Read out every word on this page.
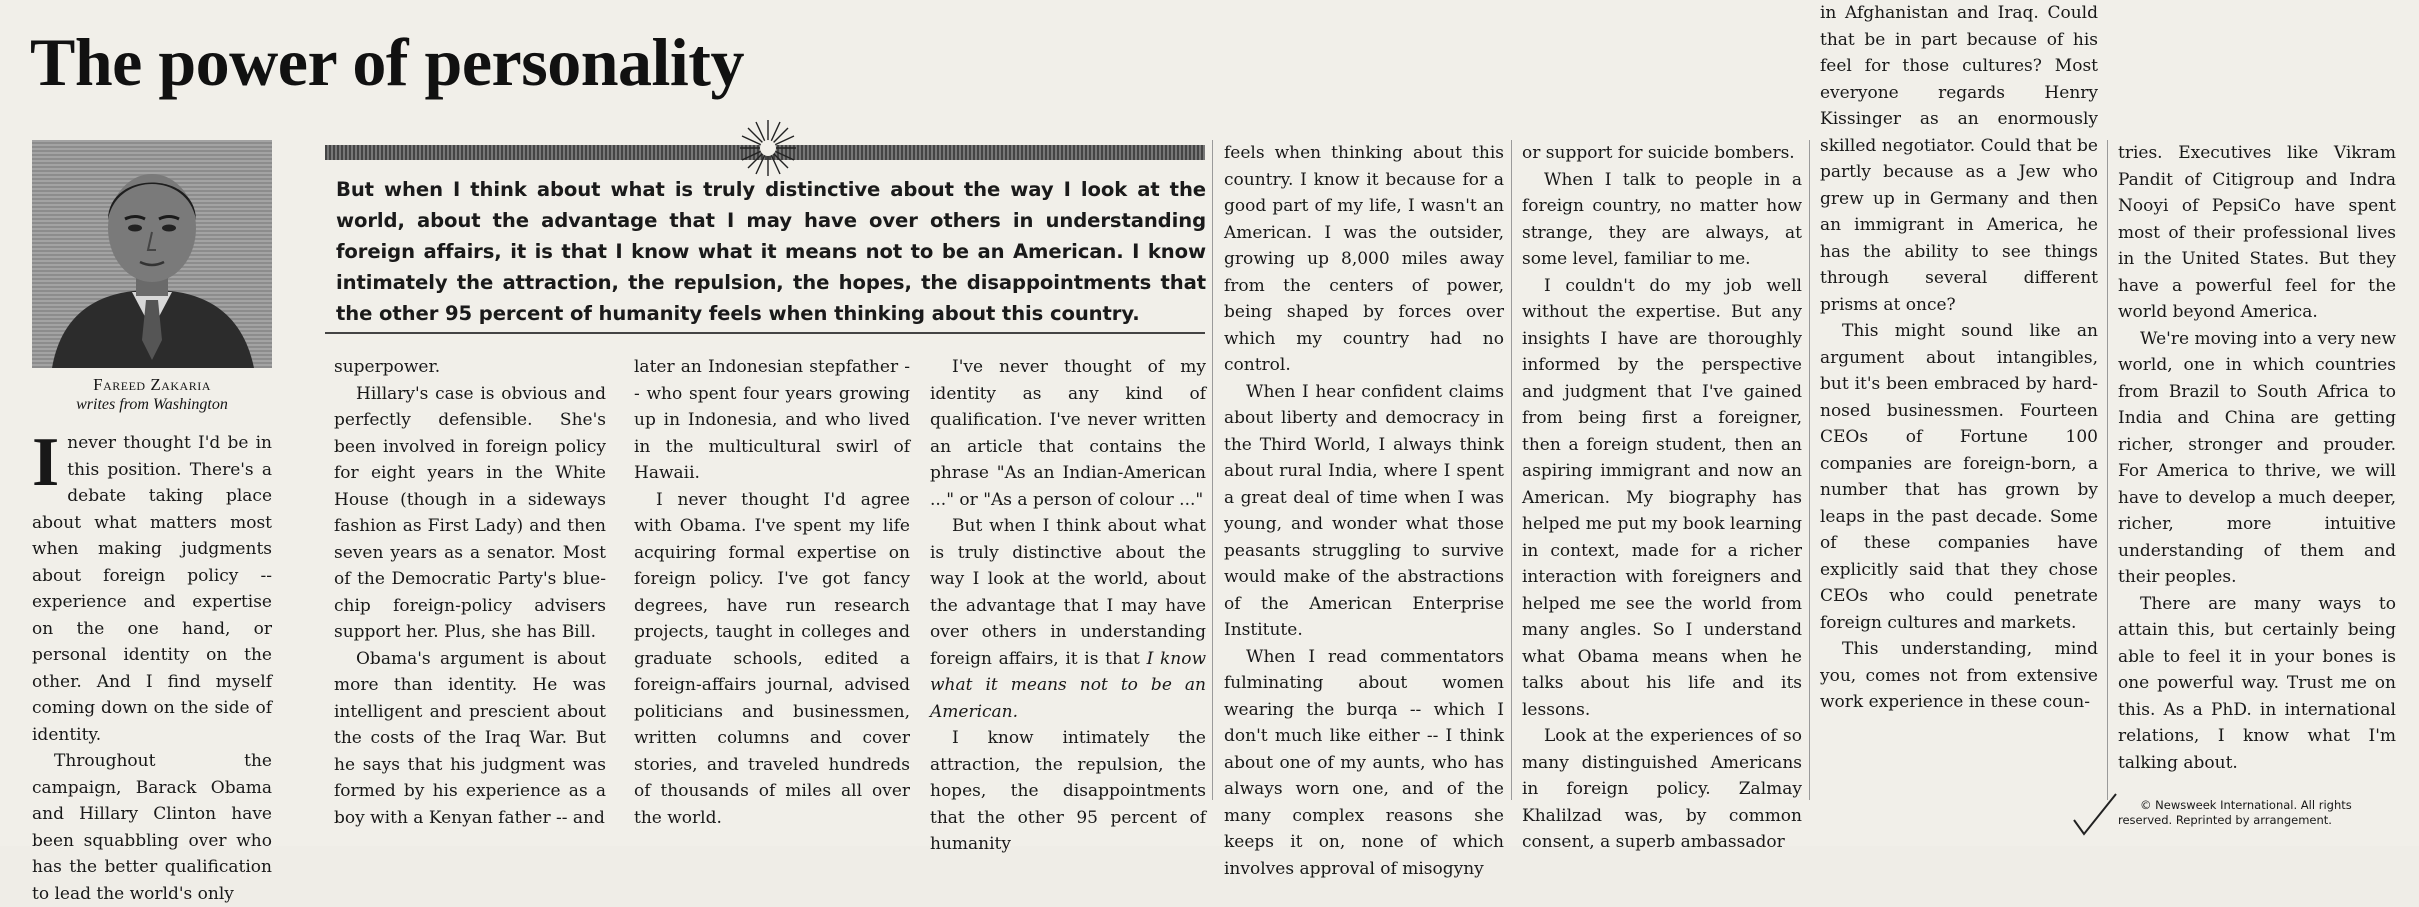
The power of personality
Fareed Zakaria
writes from Washington
But when I think about what is truly distinctive about the way I look at the world, about the advantage that I may have over others in understanding foreign affairs, it is that I know what it means not to be an American. I know intimately the attraction, the repulsion, the hopes, the disappointments that the other 95 percent of humanity feels when thinking about this country.

Inever thought I'd be in this position. There's a debate taking place about what matters most when making judgments about foreign policy -- experience and expertise on the one hand, or personal identity on the other. And I find myself coming down on the side of identity.

Throughout the campaign, Barack Obama and Hillary Clinton have been squabbling over who has the better qualification to lead the world's only

superpower.

Hillary's case is obvious and perfectly defensible. She's been involved in foreign policy for eight years in the White House (though in a sideways fashion as First Lady) and then seven years as a senator. Most of the Democratic Party's blue-chip foreign-policy advisers support her. Plus, she has Bill.

Obama's argument is about more than identity. He was intelligent and prescient about the costs of the Iraq War. But he says that his judgment was formed by his experience as a boy with a Kenyan father -- and

later an Indonesian stepfather - - who spent four years growing up in Indonesia, and who lived in the multicultural swirl of Hawaii.

I never thought I'd agree with Obama. I've spent my life acquiring formal expertise on foreign policy. I've got fancy degrees, have run research projects, taught in colleges and graduate schools, edited a foreign-affairs journal, advised politicians and businessmen, written columns and cover stories, and traveled hundreds of thousands of miles all over the world.

I've never thought of my identity as any kind of qualification. I've never written an article that contains the phrase "As an Indian-American ..." or "As a person of colour ..."

But when I think about what is truly distinctive about the way I look at the world, about the advantage that I may have over others in understanding foreign affairs, it is that I know what it means not to be an American.

I know intimately the attraction, the repulsion, the hopes, the disappointments that the other 95 percent of humanity

feels when thinking about this country. I know it because for a good part of my life, I wasn't an American. I was the outsider, growing up 8,000 miles away from the centers of power, being shaped by forces over which my country had no control.

When I hear confident claims about liberty and democracy in the Third World, I always think about rural India, where I spent a great deal of time when I was young, and wonder what those peasants struggling to survive would make of the abstractions of the American Enterprise Institute.

When I read commentators fulminating about women wearing the burqa -- which I don't much like either -- I think about one of my aunts, who has always worn one, and of the many complex reasons she keeps it on, none of which involves approval of misogyny

or support for suicide bombers.

When I talk to people in a foreign country, no matter how strange, they are always, at some level, familiar to me.

I couldn't do my job well without the expertise. But any insights I have are thoroughly informed by the perspective and judgment that I've gained from being first a foreigner, then a foreign student, then an aspiring immigrant and now an American. My biography has helped me put my book learning in context, made for a richer interaction with foreigners and helped me see the world from many angles. So I understand what Obama means when he talks about his life and its lessons.

Look at the experiences of so many distinguished Americans in foreign policy. Zalmay Khalilzad was, by common consent, a superb ambassador

in Afghanistan and Iraq. Could that be in part because of his feel for those cultures? Most everyone regards Henry Kissinger as an enormously skilled negotiator. Could that be partly because as a Jew who grew up in Germany and then an immigrant in America, he has the ability to see things through several different prisms at once?

This might sound like an argument about intangibles, but it's been embraced by hard-nosed businessmen. Fourteen CEOs of Fortune 100 companies are foreign-born, a number that has grown by leaps in the past decade. Some of these companies have explicitly said that they chose CEOs who could penetrate foreign cultures and markets.

This understanding, mind you, comes not from extensive work experience in these coun-

tries. Executives like Vikram Pandit of Citigroup and Indra Nooyi of PepsiCo have spent most of their professional lives in the United States. But they have a powerful feel for the world beyond America.

We're moving into a very new world, one in which countries from Brazil to South Africa to India and China are getting richer, stronger and prouder. For America to thrive, we will have to develop a much deeper, richer, more intuitive understanding of them and their peoples.

There are many ways to attain this, but certainly being able to feel it in your bones is one powerful way. Trust me on this. As a PhD. in international relations, I know what I'm talking about.

© Newsweek International. All rights reserved. Reprinted by arrangement.
